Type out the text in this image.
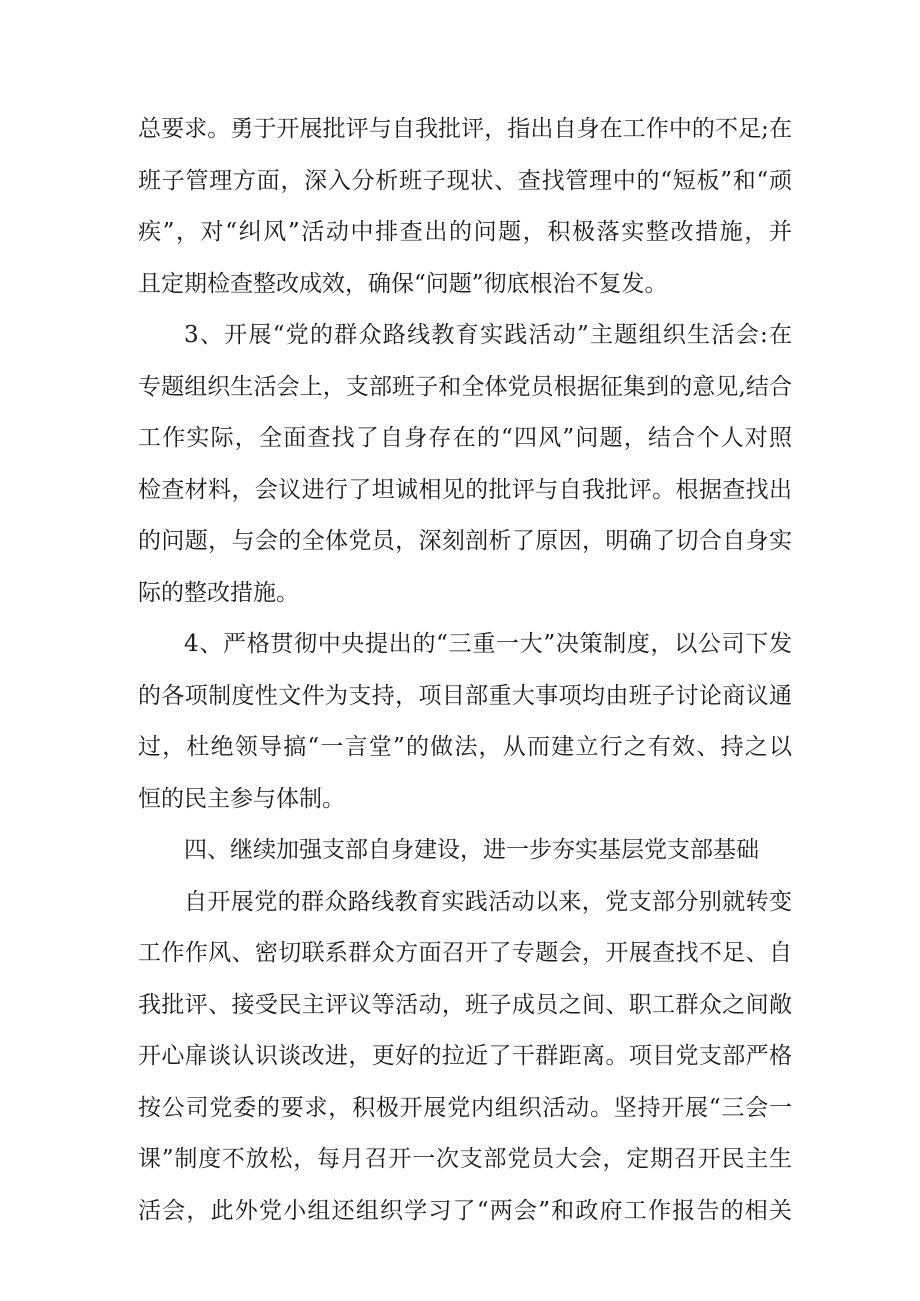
总要求。勇于开展批评与自我批评，指出自身在工作中的不足;在
班子管理方面，深入分析班子现状、查找管理中的“短板”和“顽
疾”，对“纠风”活动中排查出的问题，积极落实整改措施，并
且定期检查整改成效，确保“问题”彻底根治不复发。
3、开展“党的群众路线教育实践活动”主题组织生活会:在
专题组织生活会上，支部班子和全体党员根据征集到的意见,结合
工作实际，全面查找了自身存在的“四风”问题，结合个人对照
检查材料，会议进行了坦诚相见的批评与自我批评。根据查找出
的问题，与会的全体党员，深刻剖析了原因，明确了切合自身实
际的整改措施。
4、严格贯彻中央提出的“三重一大”决策制度，以公司下发
的各项制度性文件为支持，项目部重大事项均由班子讨论商议通
过，杜绝领导搞“一言堂”的做法，从而建立行之有效、持之以
恒的民主参与体制。
四、继续加强支部自身建设，进一步夯实基层党支部基础
自开展党的群众路线教育实践活动以来，党支部分别就转变
工作作风、密切联系群众方面召开了专题会，开展查找不足、自
我批评、接受民主评议等活动，班子成员之间、职工群众之间敞
开心扉谈认识谈改进，更好的拉近了干群距离。项目党支部严格
按公司党委的要求，积极开展党内组织活动。坚持开展“三会一
课”制度不放松，每月召开一次支部党员大会，定期召开民主生
活会，此外党小组还组织学习了“两会”和政府工作报告的相关
